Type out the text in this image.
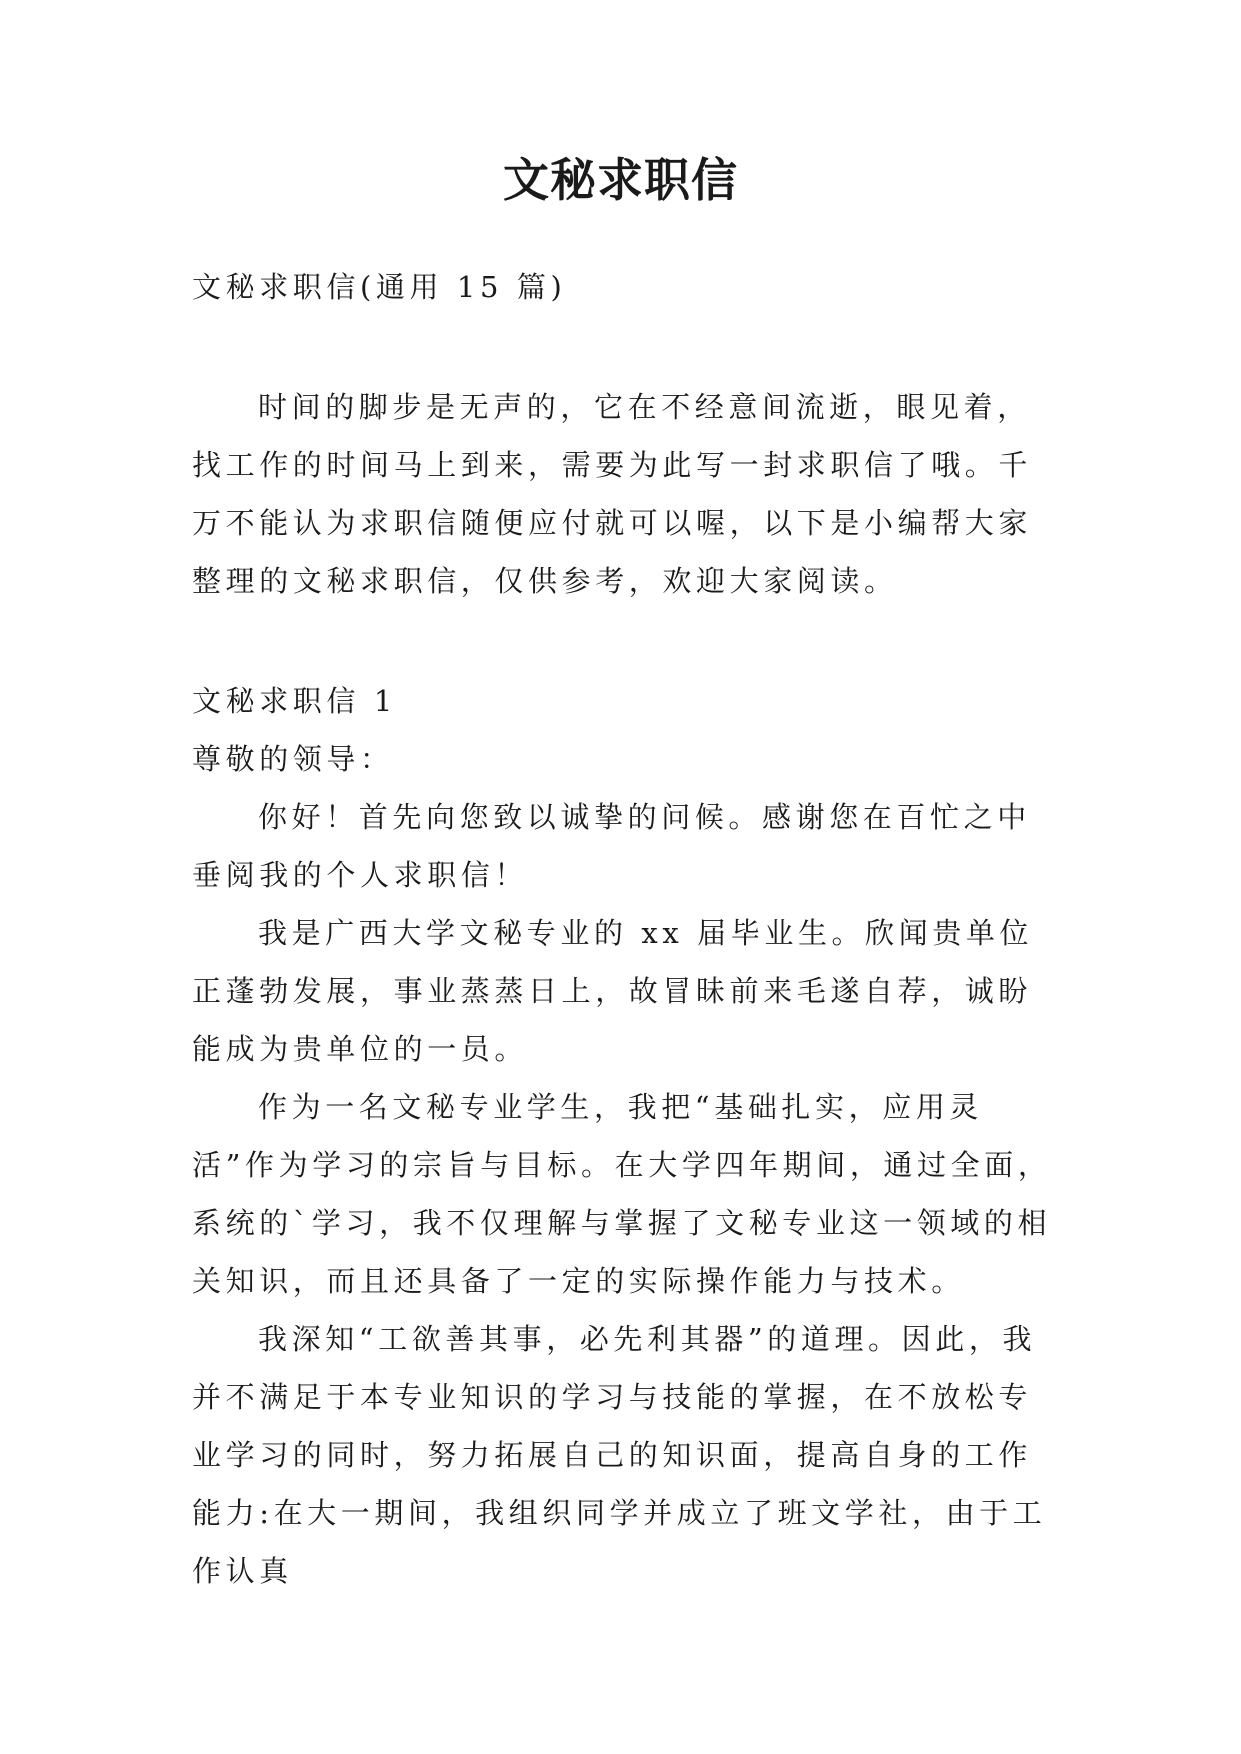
文秘求职信

文秘求职信(通用 15 篇)

时间的脚步是无声的，它在不经意间流逝，眼见着，找工作的时间马上到来，需要为此写一封求职信了哦。千万不能认为求职信随便应付就可以喔，以下是小编帮大家整理的文秘求职信，仅供参考，欢迎大家阅读。

文秘求职信 1

尊敬的领导：

你好！首先向您致以诚挚的问候。感谢您在百忙之中垂阅我的个人求职信！

我是广西大学文秘专业的 xx 届毕业生。欣闻贵单位正蓬勃发展，事业蒸蒸日上，故冒昧前来毛遂自荐，诚盼能成为贵单位的一员。

作为一名文秘专业学生，我把“基础扎实，应用灵活”作为学习的宗旨与目标。在大学四年期间，通过全面，系统的`学习，我不仅理解与掌握了文秘专业这一领域的相关知识，而且还具备了一定的实际操作能力与技术。

我深知“工欲善其事，必先利其器”的道理。因此，我并不满足于本专业知识的学习与技能的掌握，在不放松专业学习的同时，努力拓展自己的知识面，提高自身的工作能力:在大一期间，我组织同学并成立了班文学社，由于工作认真
